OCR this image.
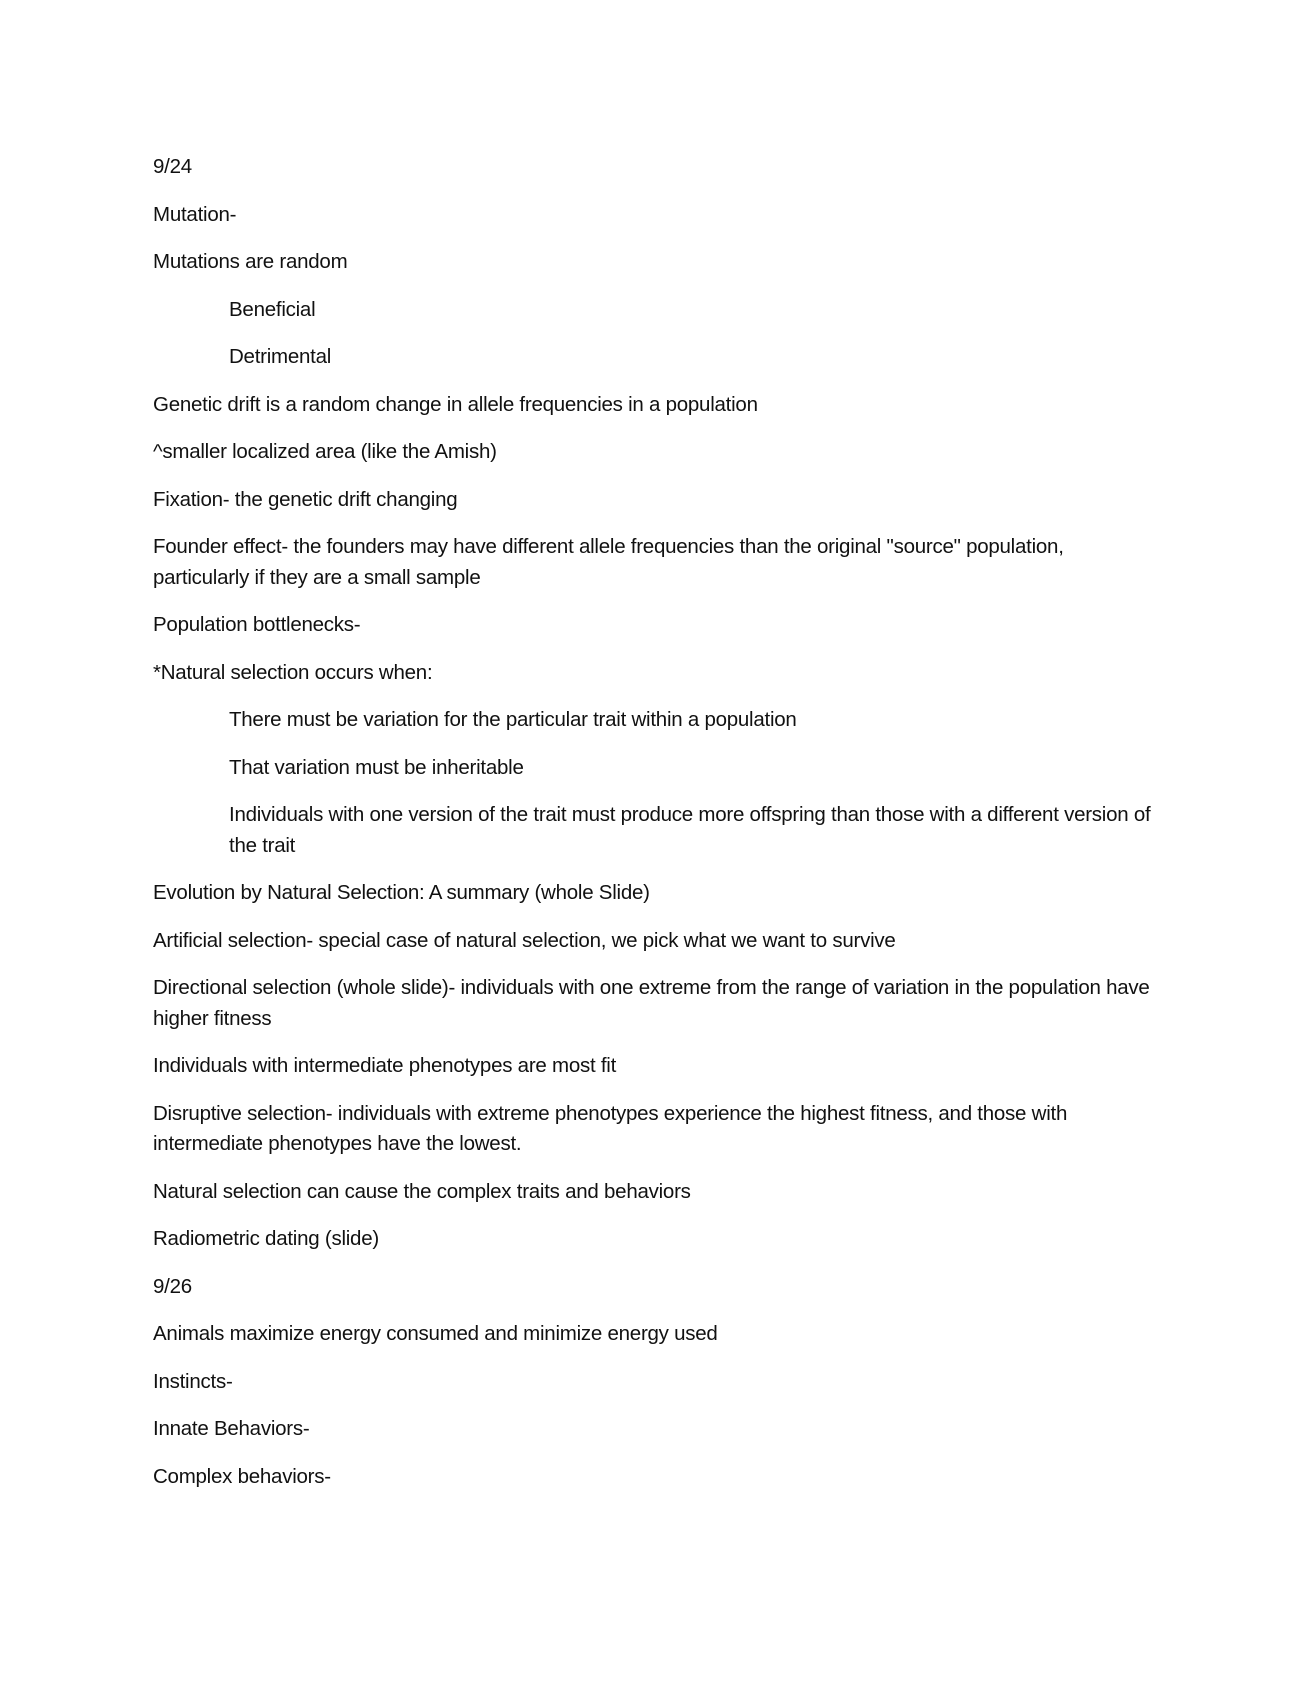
9/24

Mutation-

Mutations are random

Beneficial

Detrimental

Genetic drift is a random change in allele frequencies in a population

^smaller localized area (like the Amish)

Fixation- the genetic drift changing

Founder effect- the founders may have different allele frequencies than the original "source" population, particularly if they are a small sample

Population bottlenecks-

*Natural selection occurs when:

There must be variation for the particular trait within a population

That variation must be inheritable

Individuals with one version of the trait must produce more offspring than those with a different version of the trait

Evolution by Natural Selection: A summary (whole Slide)

Artificial selection- special case of natural selection, we pick what we want to survive

Directional selection (whole slide)- individuals with one extreme from the range of variation in the population have higher fitness

Individuals with intermediate phenotypes are most fit

Disruptive selection- individuals with extreme phenotypes experience the highest fitness, and those with intermediate phenotypes have the lowest.

Natural selection can cause the complex traits and behaviors

Radiometric dating (slide)

9/26

Animals maximize energy consumed and minimize energy used

Instincts-

Innate Behaviors-

Complex behaviors-
